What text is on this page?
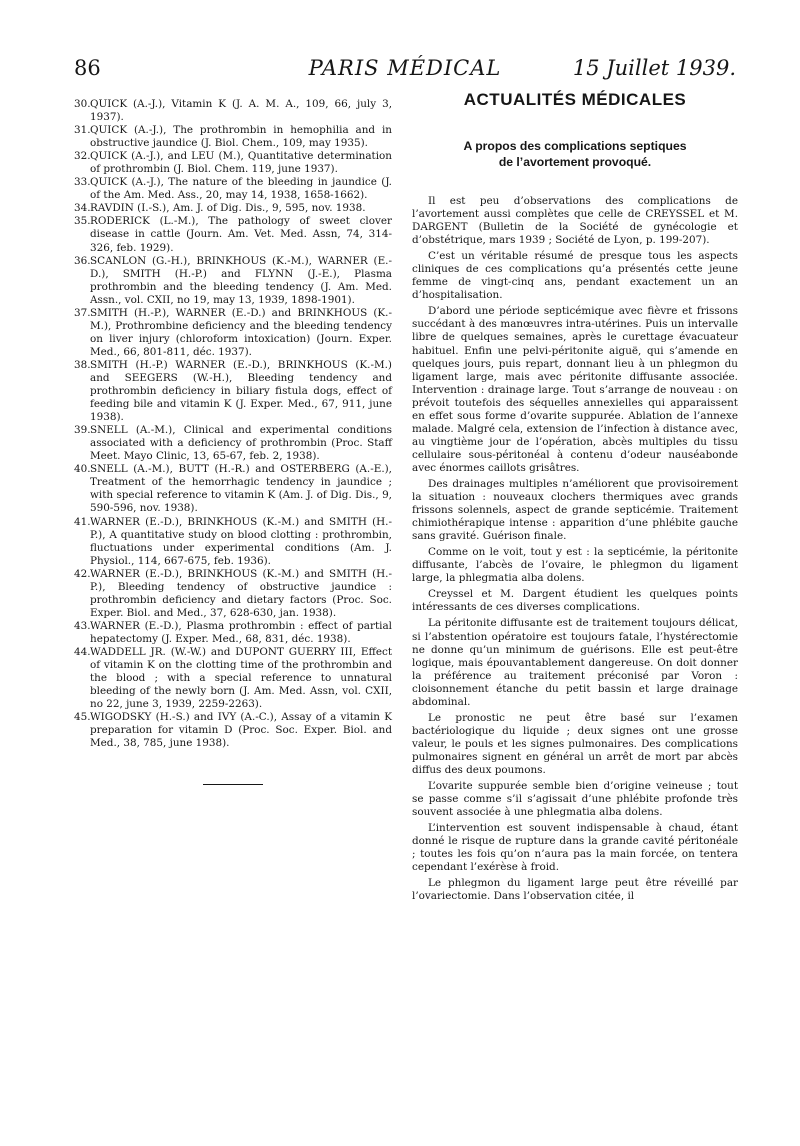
86	PARIS MÉDICAL	15 Juillet 1939.
30. QUICK (A.-J.), Vitamin K (J. A. M. A., 109, 66, july 3, 1937).
31. QUICK (A.-J.), The prothrombin in hemophilia and in obstructive jaundice (J. Biol. Chem., 109, may 1935).
32. QUICK (A.-J.), and LEU (M.), Quantitative determination of prothrombin (J. Biol. Chem. 119, june 1937).
33. QUICK (A.-J.), The nature of the bleeding in jaundice (J. of the Am. Med. Ass., 20, may 14, 1938, 1658-1662).
34. RAVDIN (I.-S.), Am. J. of Dig. Dis., 9, 595, nov. 1938.
35. RODERICK (L.-M.), The pathology of sweet clover disease in cattle (Journ. Am. Vet. Med. Assn, 74, 314-326, feb. 1929).
36. SCANLON (G.-H.), BRINKHOUS (K.-M.), WARNER (E.-D.), SMITH (H.-P.) and FLYNN (J.-E.), Plasma prothrombin and the bleeding tendency (J. Am. Med. Assn., vol. CXII, no 19, may 13, 1939, 1898-1901).
37. SMITH (H.-P.), WARNER (E.-D.) and BRINKHOUS (K.-M.), Prothrombine deficiency and the bleeding tendency on liver injury (chloroform intoxication) (Journ. Exper. Med., 66, 801-811, déc. 1937).
38. SMITH (H.-P.) WARNER (E.-D.), BRINKHOUS (K.-M.) and SEEGERS (W.-H.), Bleeding tendency and prothrombin deficiency in biliary fistula dogs, effect of feeding bile and vitamin K (J. Exper. Med., 67, 911, june 1938).
39. SNELL (A.-M.), Clinical and experimental conditions associated with a deficiency of prothrombin (Proc. Staff Meet. Mayo Clinic, 13, 65-67, feb. 2, 1938).
40. SNELL (A.-M.), BUTT (H.-R.) and OSTERBERG (A.-E.), Treatment of the hemorrhagic tendency in jaundice ; with special reference to vitamin K (Am. J. of Dig. Dis., 9, 590-596, nov. 1938).
41. WARNER (E.-D.), BRINKHOUS (K.-M.) and SMITH (H.-P.), A quantitative study on blood clotting : prothrombin, fluctuations under experimental conditions (Am. J. Physiol., 114, 667-675, feb. 1936).
42. WARNER (E.-D.), BRINKHOUS (K.-M.) and SMITH (H.-P.), Bleeding tendency of obstructive jaundice : prothrombin deficiency and dietary factors (Proc. Soc. Exper. Biol. and Med., 37, 628-630, jan. 1938).
43. WARNER (E.-D.), Plasma prothrombin : effect of partial hepatectomy (J. Exper. Med., 68, 831, déc. 1938).
44. WADDELL JR. (W.-W.) and DUPONT GUERRY III, Effect of vitamin K on the clotting time of the prothrombin and the blood ; with a special reference to unnatural bleeding of the newly born (J. Am. Med. Assn, vol. CXII, no 22, june 3, 1939, 2259-2263).
45. WIGODSKY (H.-S.) and IVY (A.-C.), Assay of a vitamin K preparation for vitamin D (Proc. Soc. Exper. Biol. and Med., 38, 785, june 1938).
ACTUALITÉS MÉDICALES
A propos des complications septiques
de l’avortement provoqué.

Il est peu d’observations des complications de l’avortement aussi complètes que celle de CREYSSEL et M. DARGENT (Bulletin de la Société de gynécologie et d’obstétrique, mars 1939 ; Société de Lyon, p. 199-207).

C’est un véritable résumé de presque tous les aspects cliniques de ces complications qu’a présentés cette jeune femme de vingt-cinq ans, pendant exactement un an d’hospitalisation.

D’abord une période septicémique avec fièvre et frissons succédant à des manœuvres intra-utérines. Puis un intervalle libre de quelques semaines, après le curettage évacuateur habituel. Enfin une pelvi-péritonite aiguë, qui s’amende en quelques jours, puis repart, donnant lieu à un phlegmon du ligament large, mais avec péritonite diffusante associée. Intervention : drainage large. Tout s’arrange de nouveau : on prévoit toutefois des séquelles annexielles qui apparaissent en effet sous forme d’ovarite suppurée. Ablation de l’annexe malade. Malgré cela, extension de l’infection à distance avec, au vingtième jour de l’opération, abcès multiples du tissu cellulaire sous-péritonéal à contenu d’odeur nauséabonde avec énormes caillots grisâtres.

Des drainages multiples n’améliorent que provisoirement la situation : nouveaux clochers thermiques avec grands frissons solennels, aspect de grande septicémie. Traitement chimiothérapique intense : apparition d’une phlébite gauche sans gravité. Guérison finale.

Comme on le voit, tout y est : la septicémie, la péritonite diffusante, l’abcès de l’ovaire, le phlegmon du ligament large, la phlegmatia alba dolens.

Creyssel et M. Dargent étudient les quelques points intéressants de ces diverses complications.

La péritonite diffusante est de traitement toujours délicat, si l’abstention opératoire est toujours fatale, l’hystérectomie ne donne qu’un minimum de guérisons. Elle est peut-être logique, mais épouvantablement dangereuse. On doit donner la préférence au traitement préconisé par Voron : cloisonnement étanche du petit bassin et large drainage abdominal.

Le pronostic ne peut être basé sur l’examen bactériologique du liquide ; deux signes ont une grosse valeur, le pouls et les signes pulmonaires. Des complications pulmonaires signent en général un arrêt de mort par abcès diffus des deux poumons.

L’ovarite suppurée semble bien d’origine veineuse ; tout se passe comme s’il s’agissait d’une phlébite profonde très souvent associée à une phlegmatia alba dolens.

L’intervention est souvent indispensable à chaud, étant donné le risque de rupture dans la grande cavité péritonéale ; toutes les fois qu’on n’aura pas la main forcée, on tentera cependant l’exérèse à froid.

Le phlegmon du ligament large peut être réveillé par l’ovariectomie. Dans l’observation citée, il
